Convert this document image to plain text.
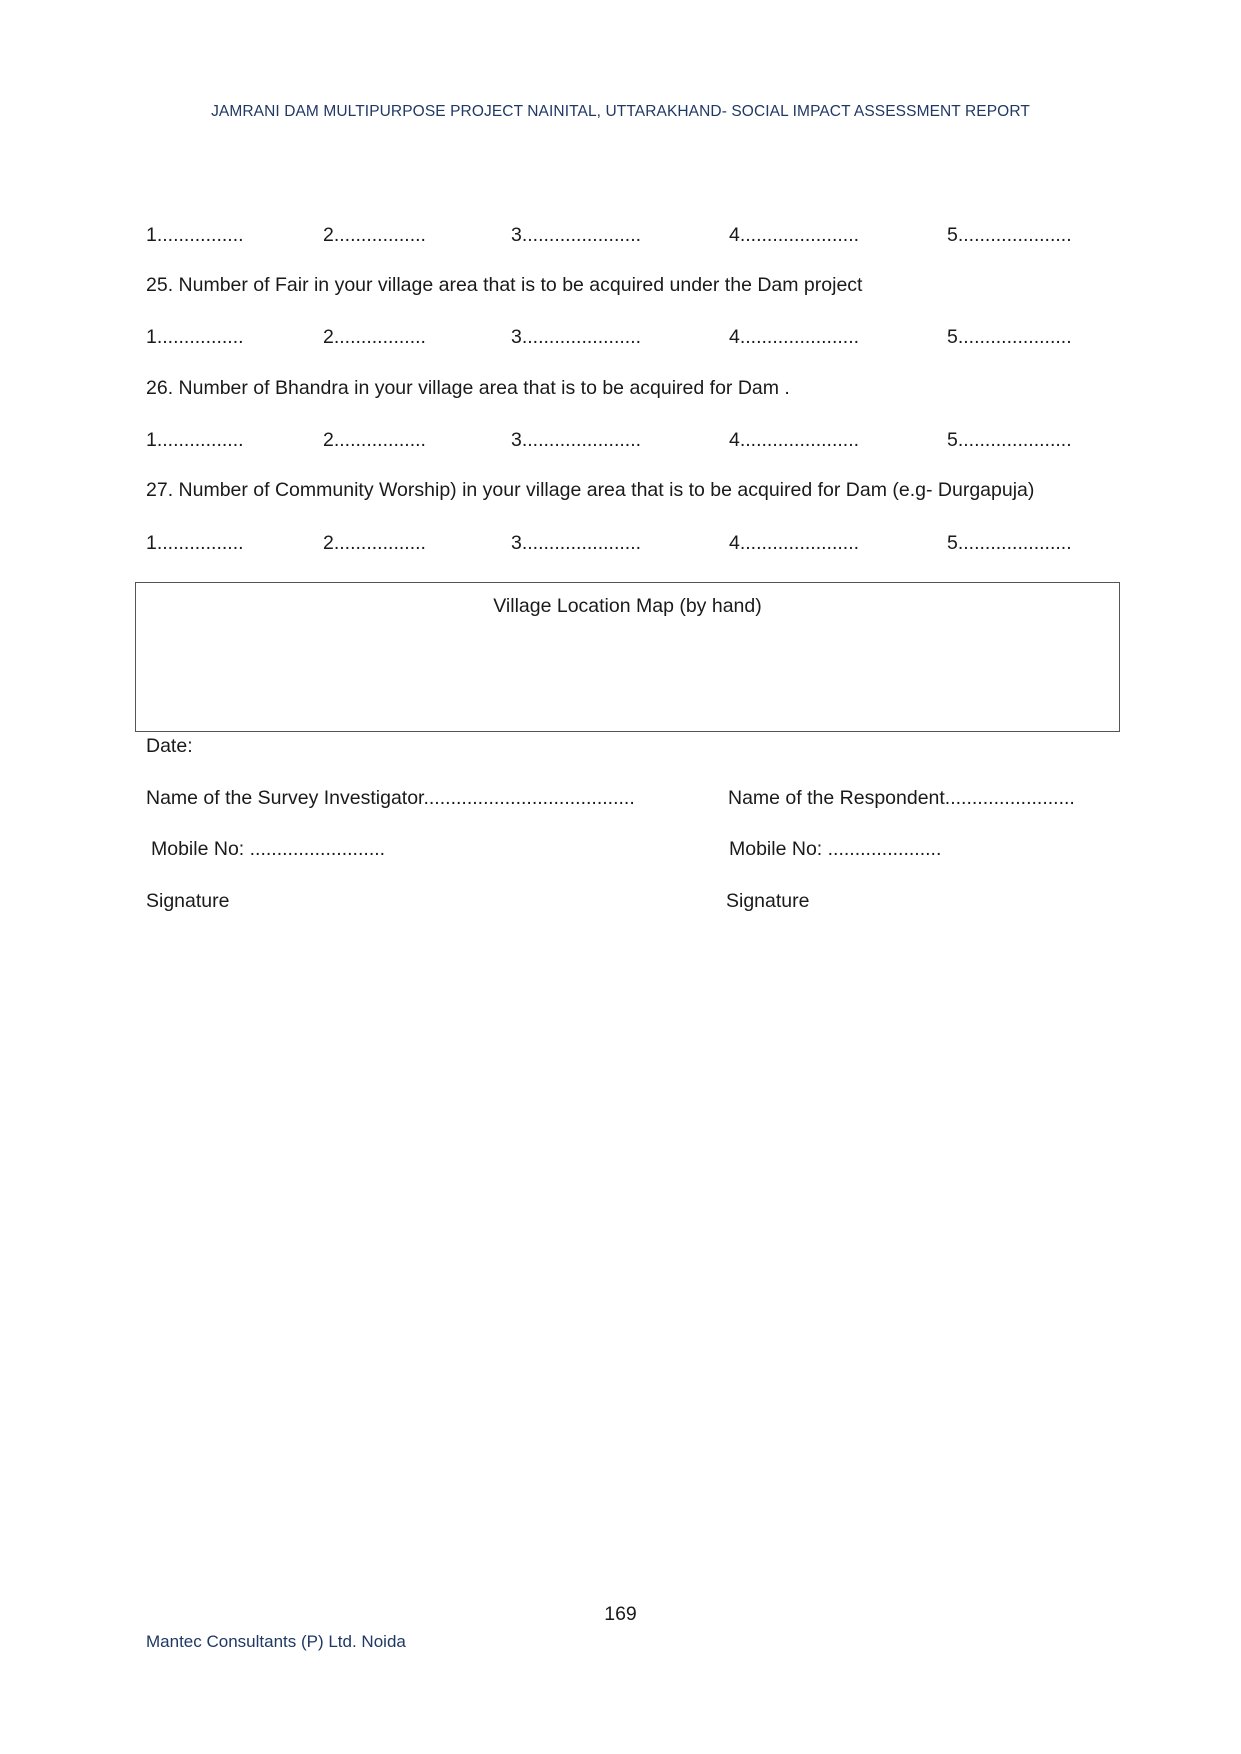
JAMRANI DAM MULTIPURPOSE PROJECT NAINITAL, UTTARAKHAND- SOCIAL IMPACT ASSESSMENT REPORT
1................	2.................	3......................	4......................	5.....................
25. Number of Fair in your village area that is to be acquired under the Dam project
1................	2.................	3......................	4......................	5.....................
26. Number of Bhandra in your village area that is to be acquired for Dam .
1................	2.................	3......................	4......................	5.....................
27. Number of Community Worship) in your village area that is to be acquired for Dam (e.g- Durgapuja)
1................	2.................	3......................	4......................	5.....................
Village Location Map (by hand)
Date:
Name of the Survey Investigator.......................................	Name of the Respondent........................
Mobile No: .........................	Mobile No: .....................
Signature	Signature
169
Mantec Consultants (P) Ltd. Noida
